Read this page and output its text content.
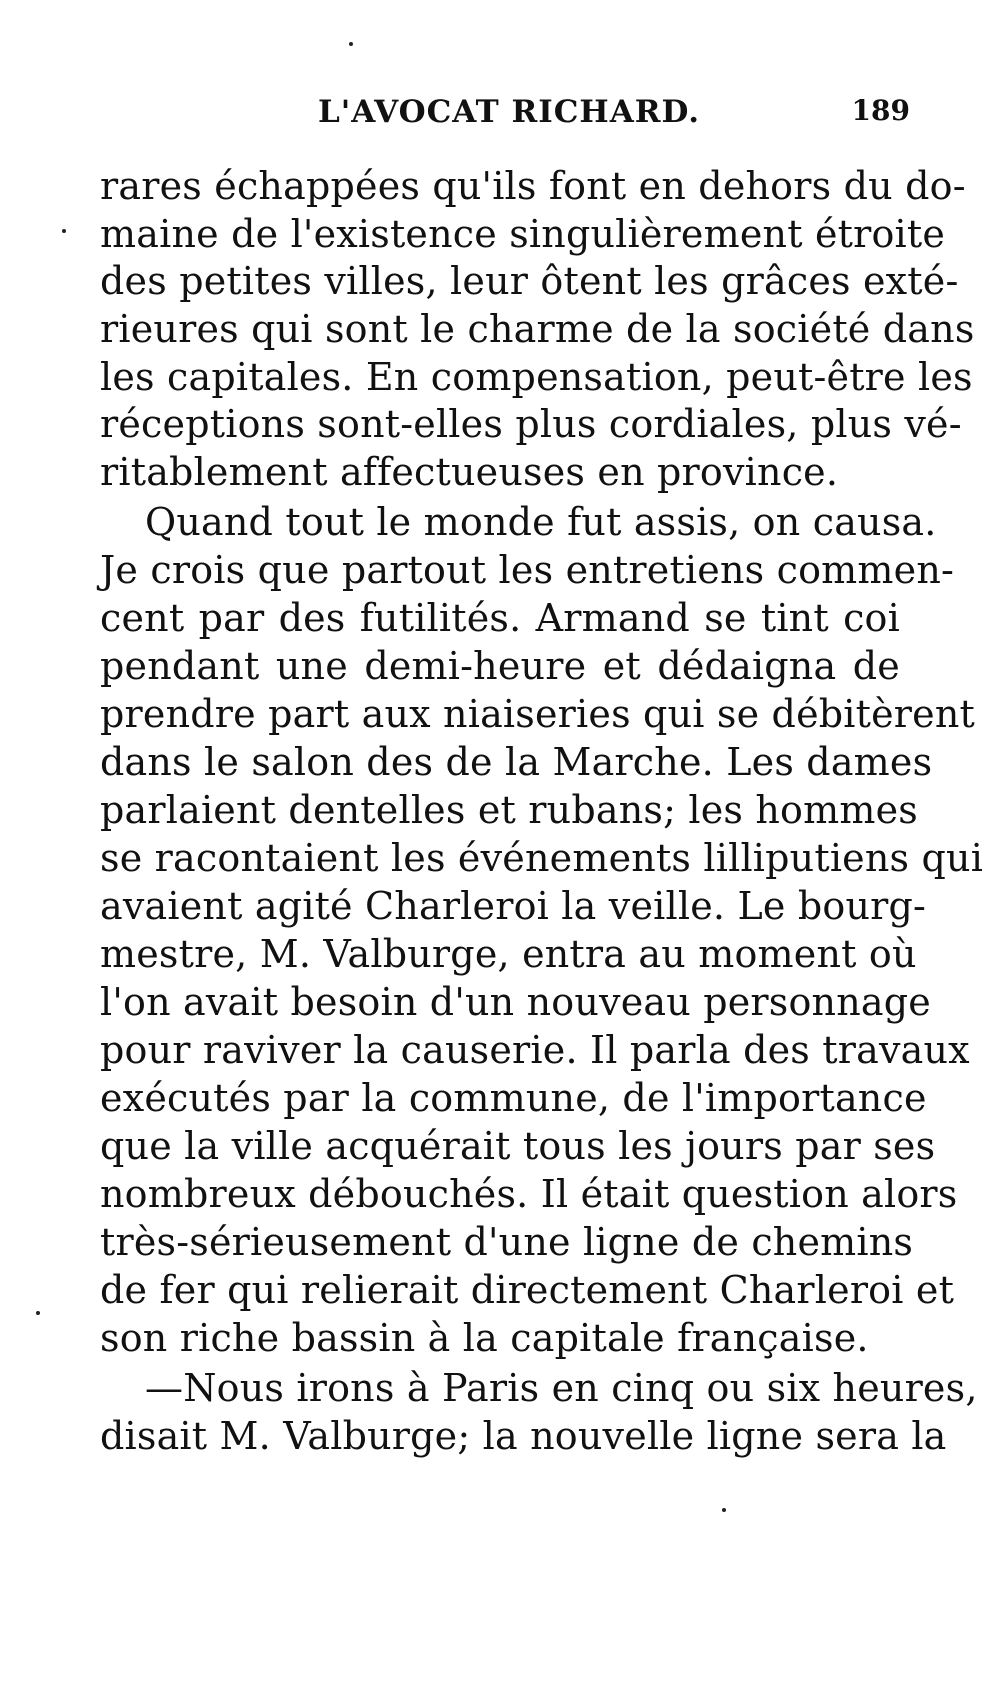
L'AVOCAT RICHARD.	189
rares échappées qu'ils font en dehors du do-
maine de l'existence singulièrement étroite
des petites villes, leur ôtent les grâces exté-
rieures qui sont le charme de la société dans
les capitales. En compensation, peut-être les
réceptions sont-elles plus cordiales, plus vé-
ritablement affectueuses en province.
Quand tout le monde fut assis, on causa.
Je crois que partout les entretiens commen-
cent par des futilités. Armand se tint coi
pendant une demi-heure et dédaigna de
prendre part aux niaiseries qui se débitèrent
dans le salon des de la Marche. Les dames
parlaient dentelles et rubans; les hommes
se racontaient les événements lilliputiens qui
avaient agité Charleroi la veille. Le bourg-
mestre, M. Valburge, entra au moment où
l'on avait besoin d'un nouveau personnage
pour raviver la causerie. Il parla des travaux
exécutés par la commune, de l'importance
que la ville acquérait tous les jours par ses
nombreux débouchés. Il était question alors
très-sérieusement d'une ligne de chemins
de fer qui relierait directement Charleroi et
son riche bassin à la capitale française.
—Nous irons à Paris en cinq ou six heures,
disait M. Valburge; la nouvelle ligne sera la
